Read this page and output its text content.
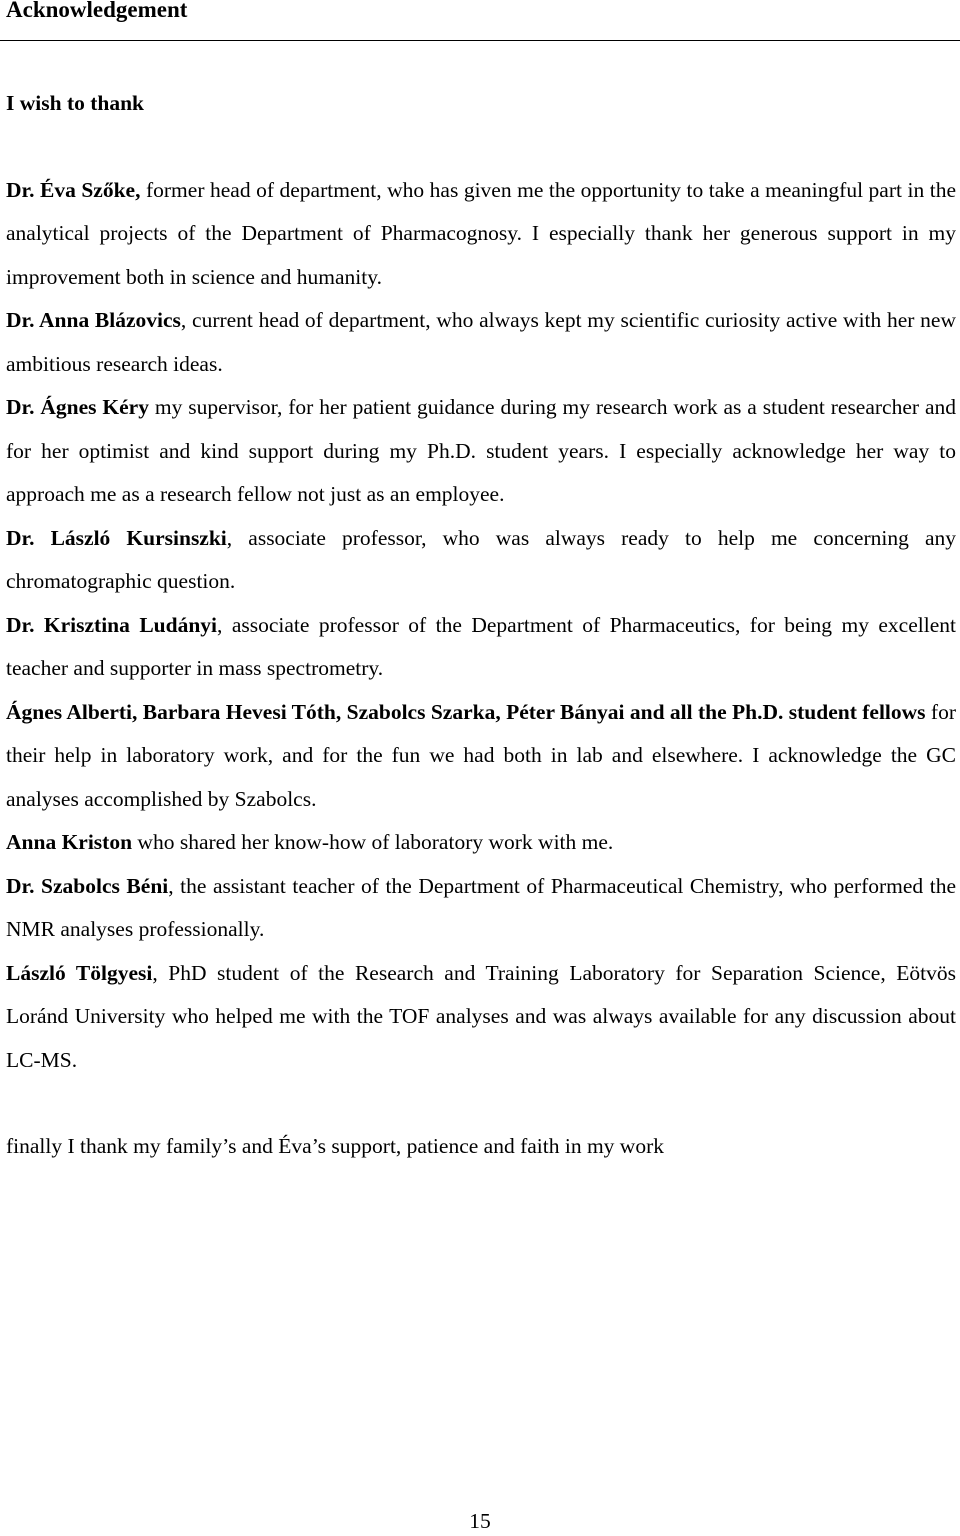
Acknowledgement

I wish to thank

Dr. Éva Szőke, former head of department, who has given me the opportunity to take a meaningful part in the analytical projects of the Department of Pharmacognosy. I especially thank her generous support in my improvement both in science and humanity.

Dr. Anna Blázovics, current head of department, who always kept my scientific curiosity active with her new ambitious research ideas.

Dr. Ágnes Kéry my supervisor, for her patient guidance during my research work as a student researcher and for her optimist and kind support during my Ph.D. student years. I especially acknowledge her way to approach me as a research fellow not just as an employee.

Dr. László Kursinszki, associate professor, who was always ready to help me concerning any chromatographic question.

Dr. Krisztina Ludányi, associate professor of the Department of Pharmaceutics, for being my excellent teacher and supporter in mass spectrometry.

Ágnes Alberti, Barbara Hevesi Tóth, Szabolcs Szarka, Péter Bányai and all the Ph.D. student fellows for their help in laboratory work, and for the fun we had both in lab and elsewhere. I acknowledge the GC analyses accomplished by Szabolcs.

Anna Kriston who shared her know-how of laboratory work with me.

Dr. Szabolcs Béni, the assistant teacher of the Department of Pharmaceutical Chemistry, who performed the NMR analyses professionally.

László Tölgyesi, PhD student of the Research and Training Laboratory for Separation Science, Eötvös Loránd University who helped me with the TOF analyses and was always available for any discussion about LC-MS.

finally I thank my family’s and Éva’s support, patience and faith in my work

15
